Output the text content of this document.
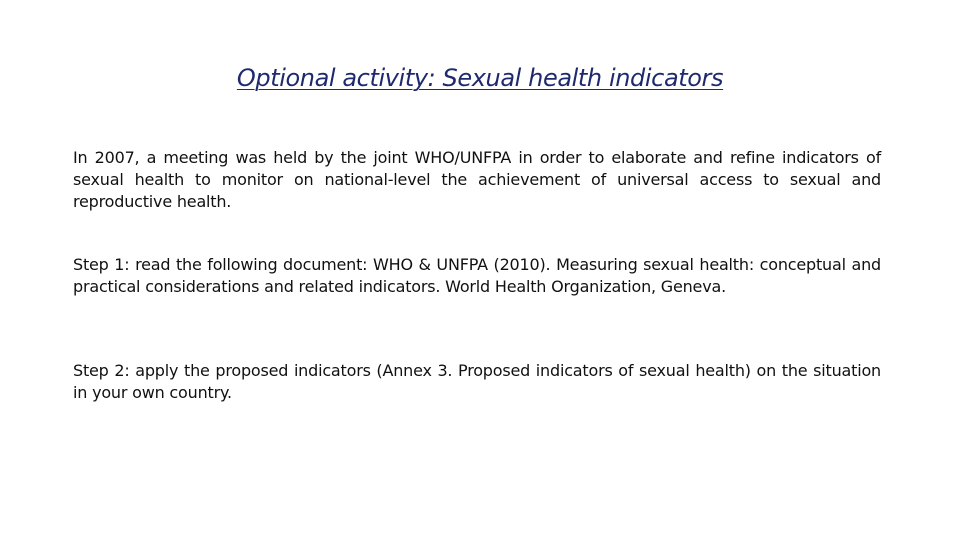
Optional activity: Sexual health indicators
In 2007, a meeting was held by the joint WHO/UNFPA in order to elaborate and refine indicators of sexual health to monitor on national-level the achievement of universal access to sexual and reproductive health.
Step 1: read the following document: WHO & UNFPA (2010). Measuring sexual health: conceptual and practical considerations and related indicators. World Health Organization, Geneva.
Step 2: apply the proposed indicators (Annex 3. Proposed indicators of sexual health) on the situation in your own country.
